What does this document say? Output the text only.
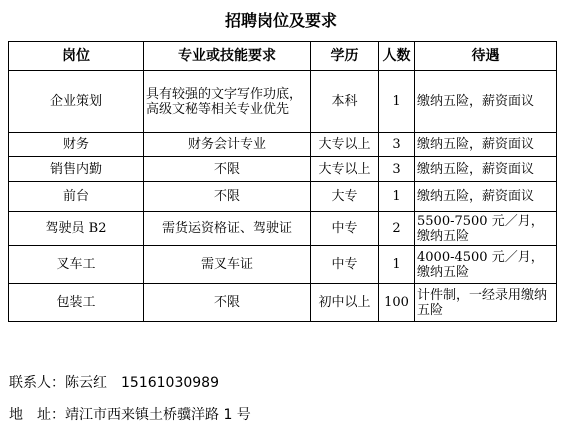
招聘岗位及要求
岗位	专业或技能要求	学历	人数	待遇
企业策划	具有较强的文字写作功底，高级文秘等相关专业优先	本科	1	缴纳五险，薪资面议
财务	财务会计专业	大专以上	3	缴纳五险，薪资面议
销售内勤	不限	大专以上	3	缴纳五险，薪资面议
前台	不限	大专	1	缴纳五险，薪资面议
驾驶员 B2	需货运资格证、驾驶证	中专	2	5500-7500 元／月，缴纳五险
叉车工	需叉车证	中专	1	4000-4500 元／月，缴纳五险
包装工	不限	初中以上	100	计件制，一经录用缴纳五险
联系人：陈云红 15161030989
地　址：靖江市西来镇土桥骥洋路 1 号
